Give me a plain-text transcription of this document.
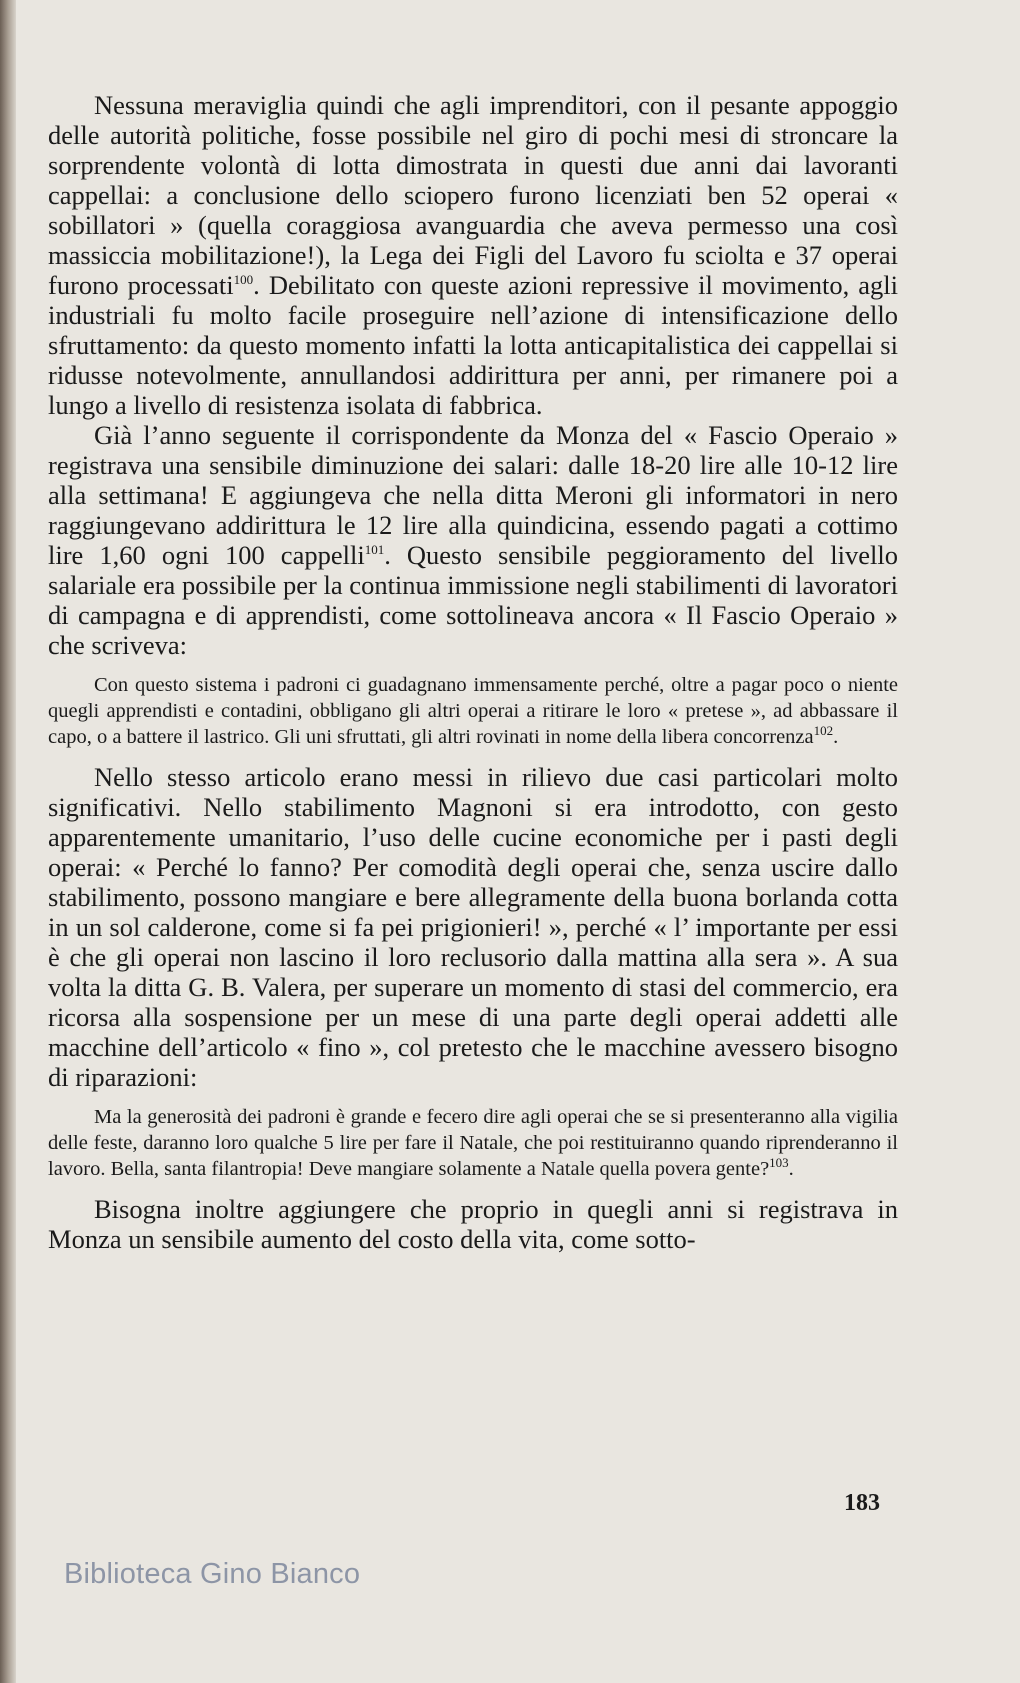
Nessuna meraviglia quindi che agli imprenditori, con il pesante appoggio delle autorità politiche, fosse possibile nel giro di pochi mesi di stroncare la sorprendente volontà di lotta dimostrata in questi due anni dai lavoranti cappellai: a conclusione dello sciopero furono licenziati ben 52 operai « sobillatori » (quella coraggiosa avanguardia che aveva permesso una così massiccia mobilitazione!), la Lega dei Figli del Lavoro fu sciolta e 37 operai furono processati$^{100}$. Debilitato con queste azioni repressive il movimento, agli industriali fu molto facile proseguire nell’azione di intensificazione dello sfruttamento: da questo momento infatti la lotta anticapitalistica dei cappellai si ridusse notevolmente, annullandosi addirittura per anni, per rimanere poi a lungo a livello di resistenza isolata di fabbrica.

Già l’anno seguente il corrispondente da Monza del « Fascio Operaio » registrava una sensibile diminuzione dei salari: dalle 18-20 lire alle 10-12 lire alla settimana! E aggiungeva che nella ditta Meroni gli informatori in nero raggiungevano addirittura le 12 lire alla quindicina, essendo pagati a cottimo lire 1,60 ogni 100 cappelli$^{101}$. Questo sensibile peggioramento del livello salariale era possibile per la continua immissione negli stabilimenti di lavoratori di campagna e di apprendisti, come sottolineava ancora « Il Fascio Operaio » che scriveva:

Con questo sistema i padroni ci guadagnano immensamente perché, oltre a pagar poco o niente quegli apprendisti e contadini, obbligano gli altri operai a ritirare le loro « pretese », ad abbassare il capo, o a battere il lastrico. Gli uni sfruttati, gli altri rovinati in nome della libera concorrenza$^{102}$.

Nello stesso articolo erano messi in rilievo due casi particolari molto significativi. Nello stabilimento Magnoni si era introdotto, con gesto apparentemente umanitario, l’uso delle cucine economiche per i pasti degli operai: « Perché lo fanno? Per comodità degli operai che, senza uscire dallo stabilimento, possono mangiare e bere allegramente della buona borlanda cotta in un sol calderone, come si fa pei prigionieri! », perché « l’ importante per essi è che gli operai non lascino il loro reclusorio dalla mattina alla sera ». A sua volta la ditta G. B. Valera, per superare un momento di stasi del commercio, era ricorsa alla sospensione per un mese di una parte degli operai addetti alle macchine dell’articolo « fino », col pretesto che le macchine avessero bisogno di riparazioni:

Ma la generosità dei padroni è grande e fecero dire agli operai che se si presenteranno alla vigilia delle feste, daranno loro qualche 5 lire per fare il Natale, che poi restituiranno quando riprenderanno il lavoro. Bella, santa filantropia! Deve mangiare solamente a Natale quella povera gente?$^{103}$.

Bisogna inoltre aggiungere che proprio in quegli anni si registrava in Monza un sensibile aumento del costo della vita, come sotto-

183
Biblioteca Gino Bianco
